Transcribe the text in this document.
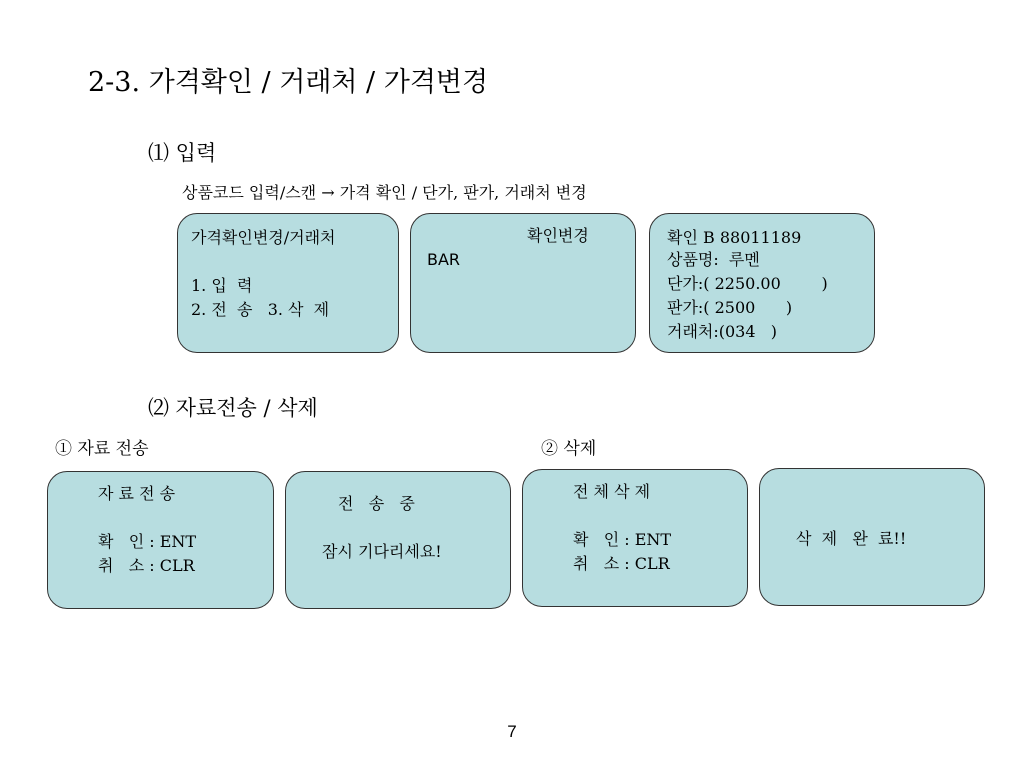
2-3. 가격확인 / 거래처 / 가격변경
⑴ 입력
상품코드 입력/스캔 → 가격 확인 / 단가, 판가, 거래처 변경
가격확인변경/거래처
1. 입  력
2. 전  송   3. 삭  제
확인변경
BAR
확인 B 88011189
상품명:  루멘
단가:( 2250.00        )
판가:( 2500      )
거래처:(034   )
⑵ 자료전송 / 삭제
① 자료 전송	② 삭제
자 료 전 송
확   인 : ENT
취   소 : CLR
전   송   중
잠시 기다리세요!
전 체 삭 제
확   인 : ENT
취   소 : CLR
삭  제   완  료!!
7
